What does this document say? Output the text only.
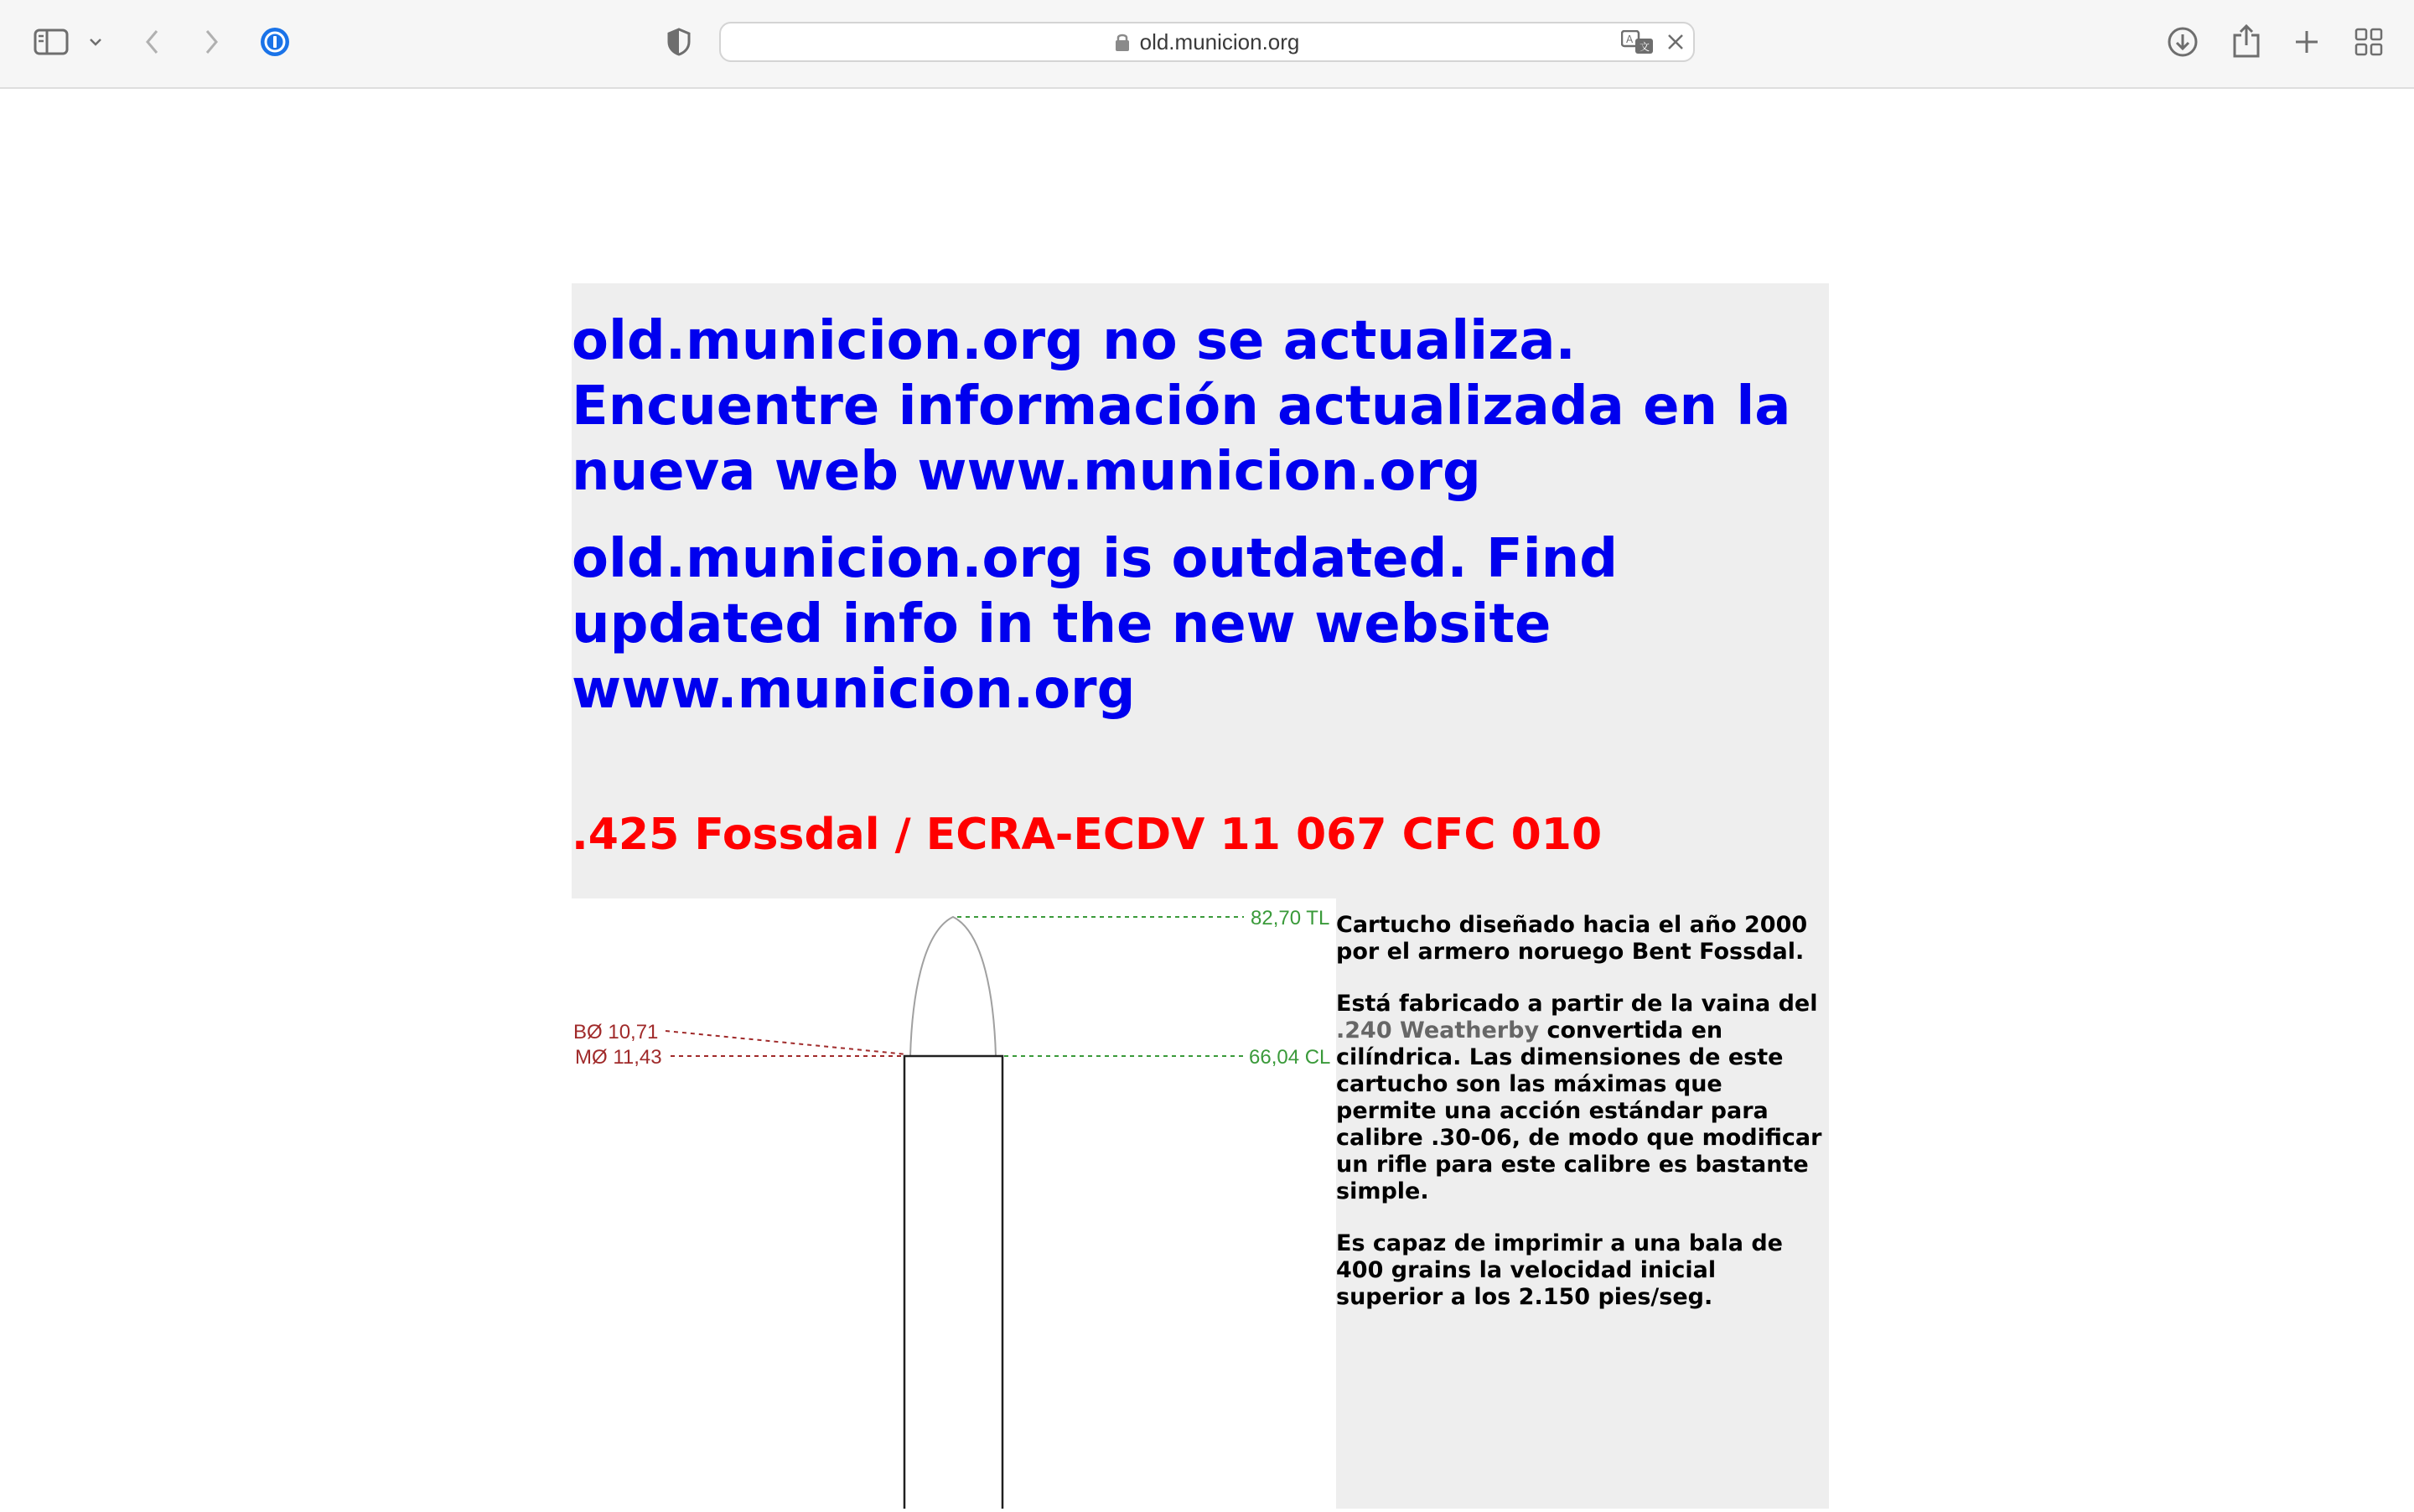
old.municion.org	A
文

old.municion.org no se actualiza. Encuentre información actualizada en la nueva web www.municion.org

old.municion.org is outdated. Find updated info in the new website www.municion.org

.425 Fossdal / ECRA-ECDV 11 067 CFC 010
82,70 TL
66,04 CL
BØ 10,71
MØ 11,43

Cartucho diseñado hacia el año 2000 por el armero noruego Bent Fossdal.

Está fabricado a partir de la vaina del .240 Weatherby convertida en cilíndrica. Las dimensiones de este cartucho son las máximas que permite una acción estándar para calibre .30-06, de modo que modificar un rifle para este calibre es bastante simple.

Es capaz de imprimir a una bala de 400 grains la velocidad inicial superior a los 2.150 pies/seg.
